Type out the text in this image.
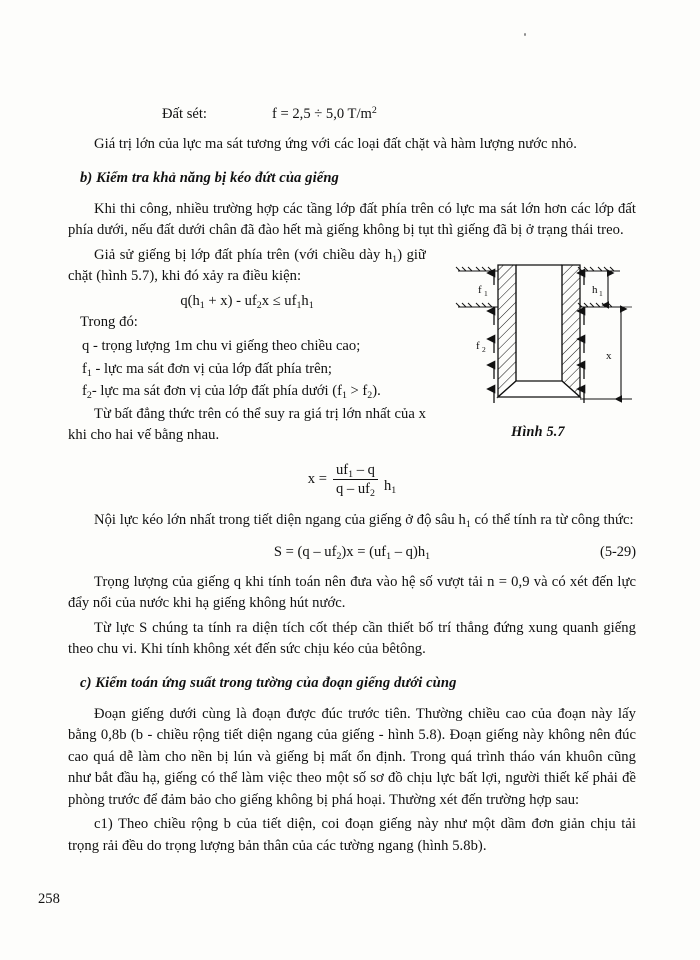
Đất sét:	f = 2,5 ÷ 5,0 $T/m^2$

Giá trị lớn của lực ma sát tương ứng với các loại đất chặt và hàm lượng nước nhỏ.

b) Kiểm tra khả năng bị kéo đứt của giếng

Khi thi công, nhiều trường hợp các tầng lớp đất phía trên có lực ma sát lớn hơn các lớp đất phía dưới, nếu đất dưới chân đã đào hết mà giếng không bị tụt thì giếng đã bị ở trạng thái treo.

f 1
f 2
h 1
x
Hình 5.7

Giả sử giếng bị lớp đất phía trên (với chiều dày $h_1$) giữ chặt (hình 5.7), khi đó xảy ra điều kiện:

$q(h_1 + x) - uf_2x \le uf_1h_1$

Trong đó:

q - trọng lượng 1m chu vi giếng theo chiều cao;
$f_1$ - lực ma sát đơn vị của lớp đất phía trên;
$f_2-$ lực ma sát đơn vị của lớp đất phía dưới $(f_1 > f_2)$.

Từ bất đẳng thức trên có thể suy ra giá trị lớn nhất của x khi cho hai vế bằng nhau.

$x = \frac{uf_1 - q}{q - uf_2} h_1$

Nội lực kéo lớn nhất trong tiết diện ngang của giếng ở độ sâu $h_1$ có thể tính ra từ công thức:

$S = (q - uf_2)x = (uf_1 - q)h_1$	(5-29)

Trọng lượng của giếng q khi tính toán nên đưa vào hệ số vượt tải n = 0,9 và có xét đến lực đẩy nổi của nước khi hạ giếng không hút nước.

Từ lực S chúng ta tính ra diện tích cốt thép cần thiết bố trí thẳng đứng xung quanh giếng theo chu vi. Khi tính không xét đến sức chịu kéo của bêtông.

c) Kiểm toán ứng suất trong tường của đoạn giếng dưới cùng

Đoạn giếng dưới cùng là đoạn được đúc trước tiên. Thường chiều cao của đoạn này lấy bằng 0,8b (b - chiều rộng tiết diện ngang của giếng - hình 5.8). Đoạn giếng này không nên đúc cao quá dễ làm cho nền bị lún và giếng bị mất ổn định. Trong quá trình tháo ván khuôn cũng như bắt đầu hạ, giếng có thể làm việc theo một số sơ đồ chịu lực bất lợi, người thiết kế phải đề phòng trước để đảm bảo cho giếng không bị phá hoại. Thường xét đến trường hợp sau:

c1) Theo chiều rộng b của tiết diện, coi đoạn giếng này như một dầm đơn giản chịu tải trọng rải đều do trọng lượng bản thân của các tường ngang (hình 5.8b).

258
